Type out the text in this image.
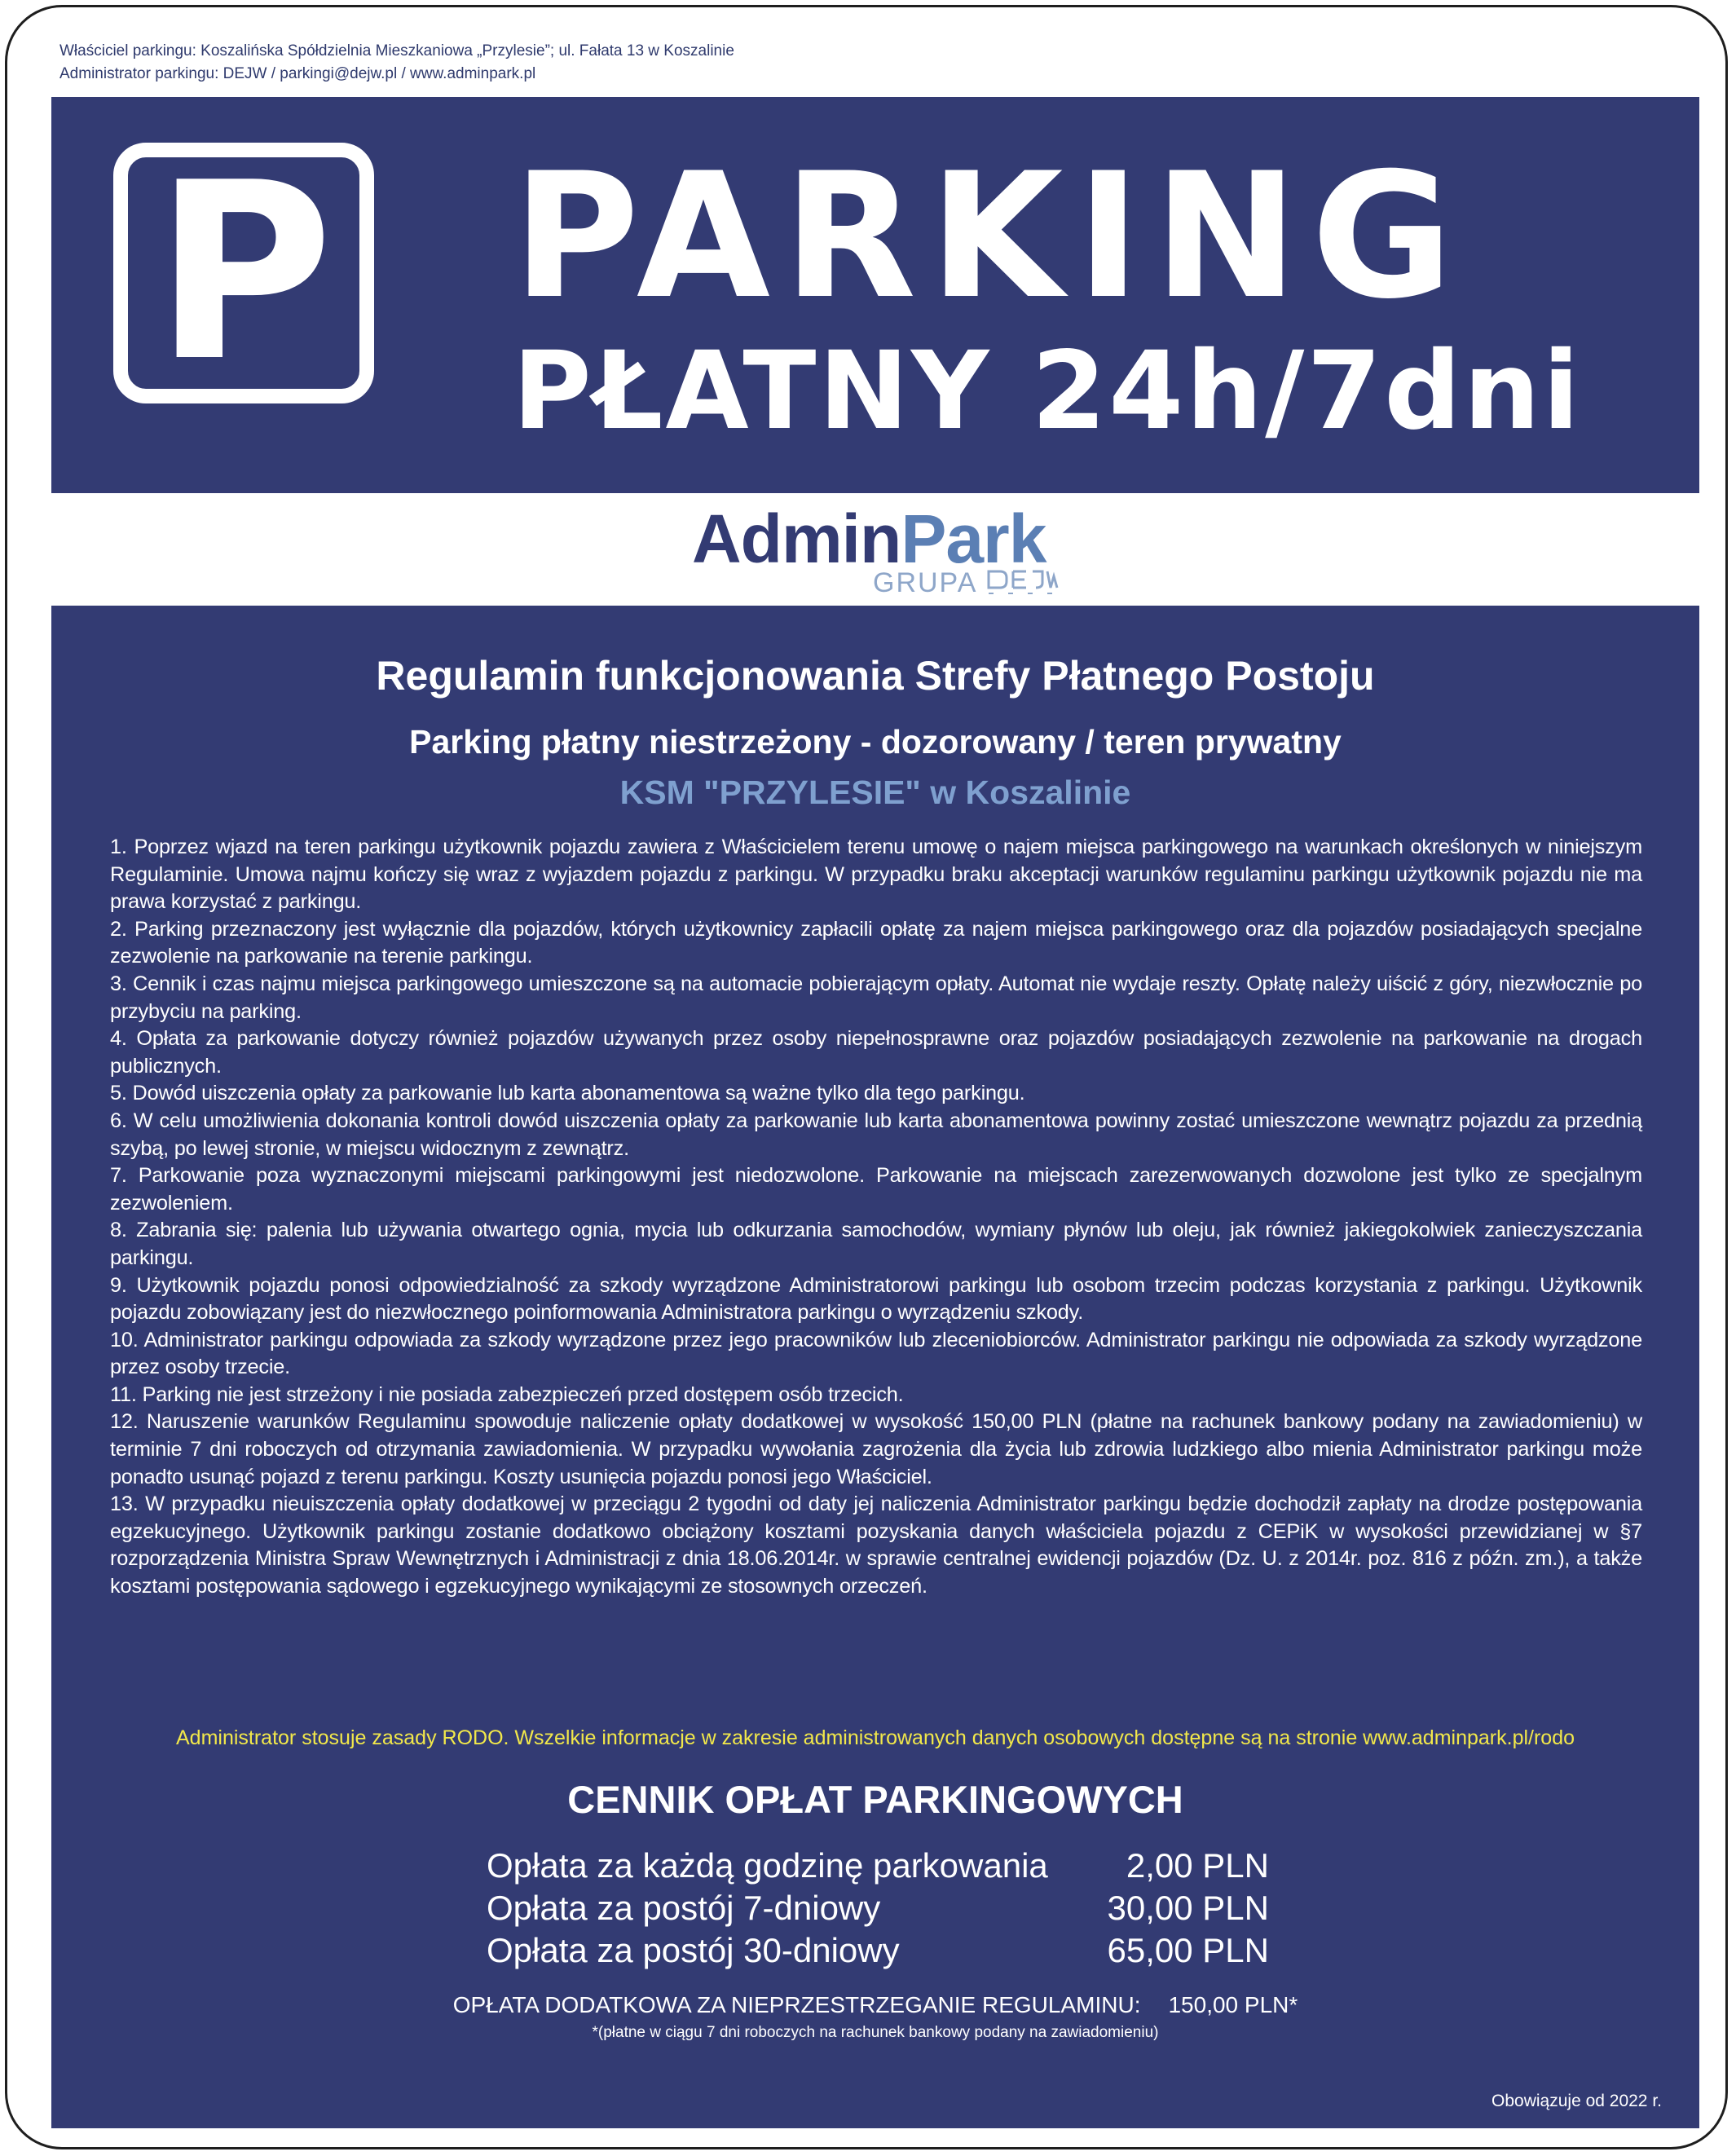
Właściciel parkingu: Koszalińska Spółdzielnia Mieszkaniowa „Przylesie”; ul. Fałata 13 w Koszalinie
Administrator parkingu: DEJW / parkingi@dejw.pl / www.adminpark.pl
P PARKING
PŁATNY 24h/7dni
AdminPark
GRUPA
Regulamin funkcjonowania Strefy Płatnego Postoju
Parking płatny niestrzeżony - dozorowany / teren prywatny
KSM "PRZYLESIE" w Koszalinie

1. Poprzez wjazd na teren parkingu użytkownik pojazdu zawiera z Właścicielem terenu umowę o najem miejsca parkingowego na warunkach określonych w niniejszym Regulaminie. Umowa najmu kończy się wraz z wyjazdem pojazdu z parkingu. W przypadku braku akceptacji warunków regulaminu parkingu użytkownik pojazdu nie ma prawa korzystać z parkingu.

2. Parking przeznaczony jest wyłącznie dla pojazdów, których użytkownicy zapłacili opłatę za najem miejsca parkingowego oraz dla pojazdów posiadających specjalne zezwolenie na parkowanie na terenie parkingu.

3. Cennik i czas najmu miejsca parkingowego umieszczone są na automacie pobierającym opłaty. Automat nie wydaje reszty. Opłatę należy uiścić z góry, niezwłocznie po przybyciu na parking.

4. Opłata za parkowanie dotyczy również pojazdów używanych przez osoby niepełnosprawne oraz pojazdów posiadających zezwolenie na parkowanie na drogach publicznych.

5. Dowód uiszczenia opłaty za parkowanie lub karta abonamentowa są ważne tylko dla tego parkingu.

6. W celu umożliwienia dokonania kontroli dowód uiszczenia opłaty za parkowanie lub karta abonamentowa powinny zostać umieszczone wewnątrz pojazdu za przednią szybą, po lewej stronie, w miejscu widocznym z zewnątrz.

7. Parkowanie poza wyznaczonymi miejscami parkingowymi jest niedozwolone. Parkowanie na miejscach zarezerwowanych dozwolone jest tylko ze specjalnym zezwoleniem.

8. Zabrania się: palenia lub używania otwartego ognia, mycia lub odkurzania samochodów, wymiany płynów lub oleju, jak również jakiegokolwiek zanieczyszczania parkingu.

9. Użytkownik pojazdu ponosi odpowiedzialność za szkody wyrządzone Administratorowi parkingu lub osobom trzecim podczas korzystania z parkingu. Użytkownik pojazdu zobowiązany jest do niezwłocznego poinformowania Administratora parkingu o wyrządzeniu szkody.

10. Administrator parkingu odpowiada za szkody wyrządzone przez jego pracowników lub zleceniobiorców. Administrator parkingu nie odpowiada za szkody wyrządzone przez osoby trzecie.

11. Parking nie jest strzeżony i nie posiada zabezpieczeń przed dostępem osób trzecich.

12. Naruszenie warunków Regulaminu spowoduje naliczenie opłaty dodatkowej w wysokość 150,00 PLN (płatne na rachunek bankowy podany na zawiadomieniu) w terminie 7 dni roboczych od otrzymania zawiadomienia. W przypadku wywołania zagrożenia dla życia lub zdrowia ludzkiego albo mienia Administrator parkingu może ponadto usunąć pojazd z terenu parkingu. Koszty usunięcia pojazdu ponosi jego Właściciel.

13. W przypadku nieuiszczenia opłaty dodatkowej w przeciągu 2 tygodni od daty jej naliczenia Administrator parkingu będzie dochodził zapłaty na drodze postępowania egzekucyjnego. Użytkownik parkingu zostanie dodatkowo obciążony kosztami pozyskania danych właściciela pojazdu z CEPiK w wysokości przewidzianej w §7 rozporządzenia Ministra Spraw Wewnętrznych i Administracji z dnia 18.06.2014r. w sprawie centralnej ewidencji pojazdów (Dz. U. z 2014r. poz. 816 z późn. zm.), a także kosztami postępowania sądowego i egzekucyjnego wynikającymi ze stosownych orzeczeń.

Administrator stosuje zasady RODO. Wszelkie informacje w zakresie administrowanych danych osobowych dostępne są na stronie www.adminpark.pl/rodo
CENNIK OPŁAT PARKINGOWYCH
Opłata za każdą godzinę parkowania 2,00 PLN
Opłata za postój 7-dniowy	30,00 PLN
Opłata za postój 30-dniowy	65,00 PLN
OPŁATA DODATKOWA ZA NIEPRZESTRZEGANIE REGULAMINU: 150,00 PLN*
*(płatne w ciągu 7 dni roboczych na rachunek bankowy podany na zawiadomieniu)
Obowiązuje od 2022 r.
